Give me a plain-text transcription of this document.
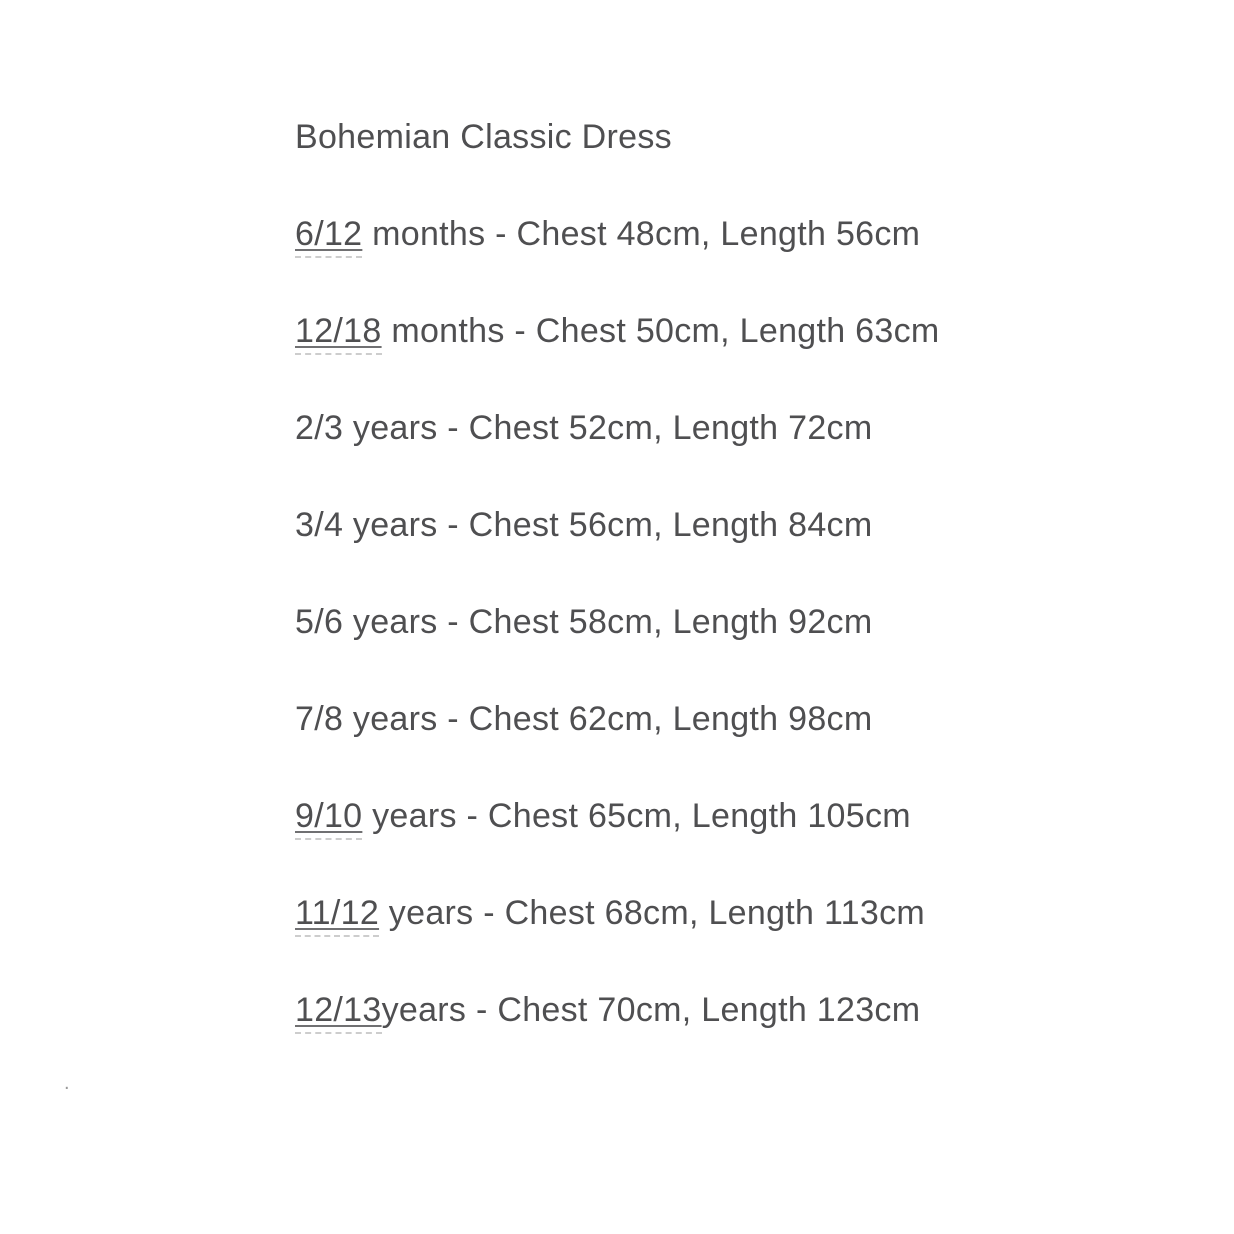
Bohemian Classic Dress

6/12 months - Chest 48cm, Length 56cm

12/18 months - Chest 50cm, Length 63cm

2/3 years - Chest 52cm, Length 72cm

3/4 years - Chest 56cm, Length 84cm

5/6 years - Chest 58cm, Length 92cm

7/8 years - Chest 62cm, Length 98cm

9/10 years - Chest 65cm, Length 105cm

11/12 years - Chest 68cm, Length 113cm

12/13years - Chest 70cm, Length 123cm

.
